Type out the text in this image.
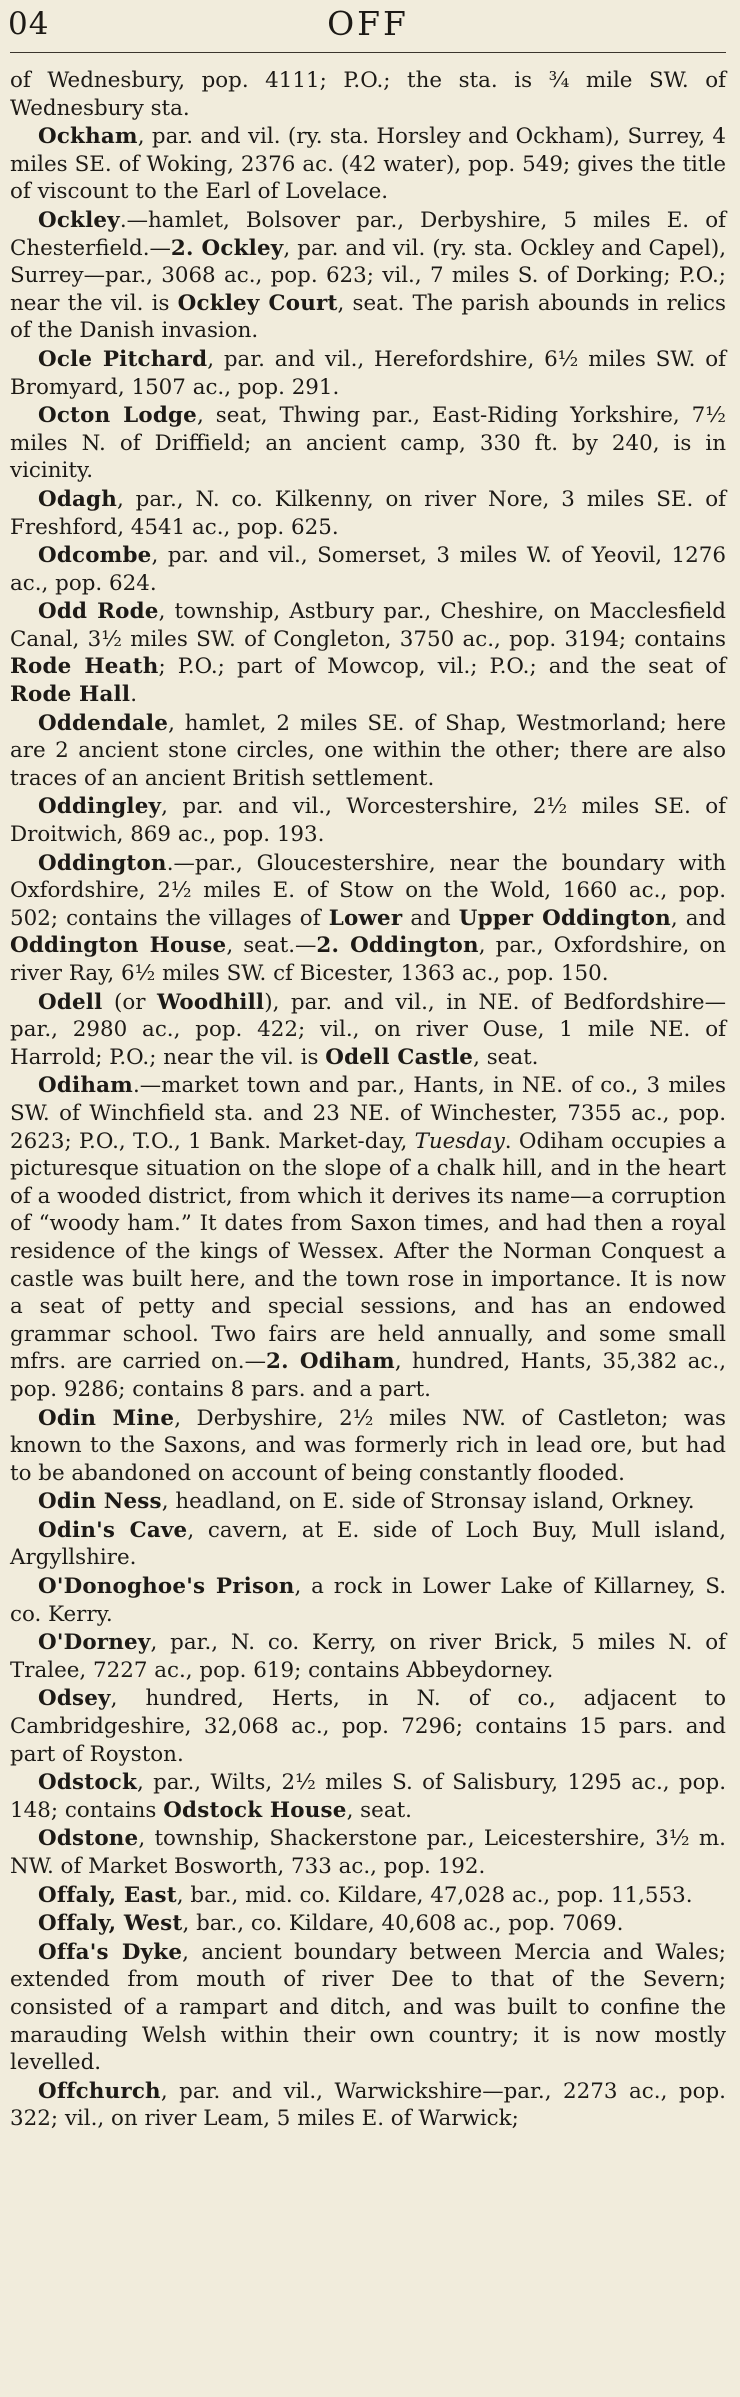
04	OFF

of Wednesbury, pop. 4111; P.O.; the sta. is ¾ mile SW. of Wednesbury sta.

Ockham, par. and vil. (ry. sta. Horsley and Ockham), Surrey, 4 miles SE. of Woking, 2376 ac. (42 water), pop. 549; gives the title of viscount to the Earl of Lovelace.

Ockley.—hamlet, Bolsover par., Derbyshire, 5 miles E. of Chesterfield.—2. Ockley, par. and vil. (ry. sta. Ockley and Capel), Surrey—par., 3068 ac., pop. 623; vil., 7 miles S. of Dorking; P.O.; near the vil. is Ockley Court, seat. The parish abounds in relics of the Danish invasion.

Ocle Pitchard, par. and vil., Herefordshire, 6½ miles SW. of Bromyard, 1507 ac., pop. 291.

Octon Lodge, seat, Thwing par., East-Riding Yorkshire, 7½ miles N. of Driffield; an ancient camp, 330 ft. by 240, is in vicinity.

Odagh, par., N. co. Kilkenny, on river Nore, 3 miles SE. of Freshford, 4541 ac., pop. 625.

Odcombe, par. and vil., Somerset, 3 miles W. of Yeovil, 1276 ac., pop. 624.

Odd Rode, township, Astbury par., Cheshire, on Macclesfield Canal, 3½ miles SW. of Congleton, 3750 ac., pop. 3194; contains Rode Heath; P.O.; part of Mowcop, vil.; P.O.; and the seat of Rode Hall.

Oddendale, hamlet, 2 miles SE. of Shap, Westmorland; here are 2 ancient stone circles, one within the other; there are also traces of an ancient British settlement.

Oddingley, par. and vil., Worcestershire, 2½ miles SE. of Droitwich, 869 ac., pop. 193.

Oddington.—par., Gloucestershire, near the boundary with Oxfordshire, 2½ miles E. of Stow on the Wold, 1660 ac., pop. 502; contains the villages of Lower and Upper Oddington, and Oddington House, seat.—2. Oddington, par., Oxfordshire, on river Ray, 6½ miles SW. cf Bicester, 1363 ac., pop. 150.

Odell (or Woodhill), par. and vil., in NE. of Bedfordshire—par., 2980 ac., pop. 422; vil., on river Ouse, 1 mile NE. of Harrold; P.O.; near the vil. is Odell Castle, seat.

Odiham.—market town and par., Hants, in NE. of co., 3 miles SW. of Winchfield sta. and 23 NE. of Winchester, 7355 ac., pop. 2623; P.O., T.O., 1 Bank. Market-day, Tuesday. Odiham occupies a picturesque situation on the slope of a chalk hill, and in the heart of a wooded district, from which it derives its name—a corruption of “woody ham.” It dates from Saxon times, and had then a royal residence of the kings of Wessex. After the Norman Conquest a castle was built here, and the town rose in importance. It is now a seat of petty and special sessions, and has an endowed grammar school. Two fairs are held annually, and some small mfrs. are carried on.—2. Odiham, hundred, Hants, 35,382 ac., pop. 9286; contains 8 pars. and a part.

Odin Mine, Derbyshire, 2½ miles NW. of Castleton; was known to the Saxons, and was formerly rich in lead ore, but had to be abandoned on account of being constantly flooded.

Odin Ness, headland, on E. side of Stronsay island, Orkney.

Odin's Cave, cavern, at E. side of Loch Buy, Mull island, Argyllshire.

O'Donoghoe's Prison, a rock in Lower Lake of Killarney, S. co. Kerry.

O'Dorney, par., N. co. Kerry, on river Brick, 5 miles N. of Tralee, 7227 ac., pop. 619; contains Abbeydorney.

Odsey, hundred, Herts, in N. of co., adjacent to Cambridgeshire, 32,068 ac., pop. 7296; contains 15 pars. and part of Royston.

Odstock, par., Wilts, 2½ miles S. of Salisbury, 1295 ac., pop. 148; contains Odstock House, seat.

Odstone, township, Shackerstone par., Leicestershire, 3½ m. NW. of Market Bosworth, 733 ac., pop. 192.

Offaly, East, bar., mid. co. Kildare, 47,028 ac., pop. 11,553.

Offaly, West, bar., co. Kildare, 40,608 ac., pop. 7069.

Offa's Dyke, ancient boundary between Mercia and Wales; extended from mouth of river Dee to that of the Severn; consisted of a rampart and ditch, and was built to confine the marauding Welsh within their own country; it is now mostly levelled.

Offchurch, par. and vil., Warwickshire—par., 2273 ac., pop. 322; vil., on river Leam, 5 miles E. of Warwick;
